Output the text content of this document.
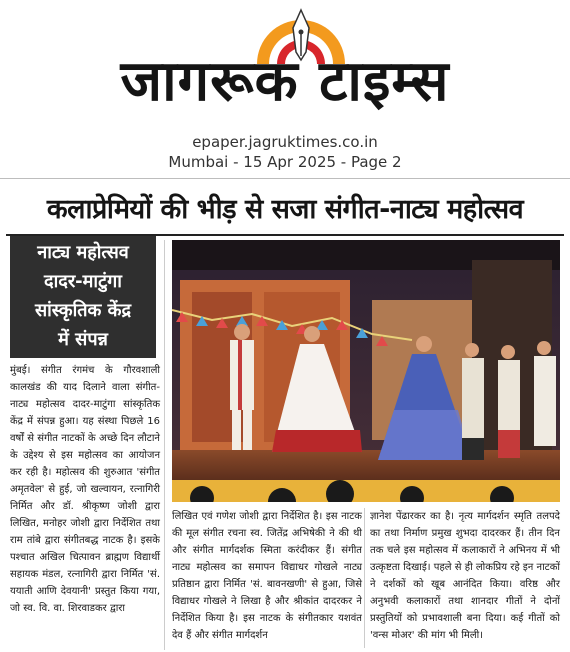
जागरूक टाइम्स
epaper.jagruktimes.co.in
Mumbai - 15 Apr 2025 - Page 2
कलाप्रेमियों की भीड़ से सजा संगीत-नाट्य महोत्सव
नाट्य महोत्सव
दादर-माटुंगा
सांस्कृतिक केंद्र
में संपन्न

मुंबई। संगीत रंगमंच के गौरवशाली कालखंड की याद दिलाने वाला संगीत-नाट्य महोत्सव दादर-माटुंगा सांस्कृतिक केंद्र में संपन्न हुआ। यह संस्था पिछले 16 वर्षों से संगीत नाटकों के अच्छे दिन लौटाने के उद्देश्य से इस महोत्सव का आयोजन कर रही है। महोत्सव की शुरुआत 'संगीत अमृतवेल' से हुई, जो खल्वायन, रत्नागिरी निर्मित और डॉ. श्रीकृष्ण जोशी द्वारा लिखित, मनोहर जोशी द्वारा निर्देशित तथा राम तांबे द्वारा संगीतबद्ध नाटक है। इसके पश्चात अखिल चित्पावन ब्राह्मण विद्यार्थी सहायक मंडल, रत्नागिरी द्वारा निर्मित 'सं. ययाती आणि देवयानी' प्रस्तुत किया गया, जो स्व. वि. वा. शिरवाडकर द्वारा

लिखित एवं गणेश जोशी द्वारा निर्देशित है। इस नाटक की मूल संगीत रचना स्व. जितेंद्र अभिषेकी ने की थी और संगीत मार्गदर्शक स्मिता करंदीकर हैं। संगीत नाट्य महोत्सव का समापन विद्याधर गोखले नाट्य प्रतिष्ठान द्वारा निर्मित 'सं. बावनखणी' से हुआ, जिसे विद्याधर गोखले ने लिखा है और श्रीकांत दादरकर ने निर्देशित किया है। इस नाटक के संगीतकार यशवंत देव हैं और संगीत मार्गदर्शन

ज्ञानेश पेंढारकर का है। नृत्य मार्गदर्शन स्मृति तलपदे का तथा निर्माण प्रमुख शुभदा दादरकर हैं। तीन दिन तक चले इस महोत्सव में कलाकारों ने अभिनय में भी उत्कृष्टता दिखाई। पहले से ही लोकप्रिय रहे इन नाटकों ने दर्शकों को खूब आनंदित किया। वरिष्ठ और अनुभवी कलाकारों तथा शानदार गीतों ने दोनों प्रस्तुतियों को प्रभावशाली बना दिया। कई गीतों को 'वन्स मोअर' की मांग भी मिली।
